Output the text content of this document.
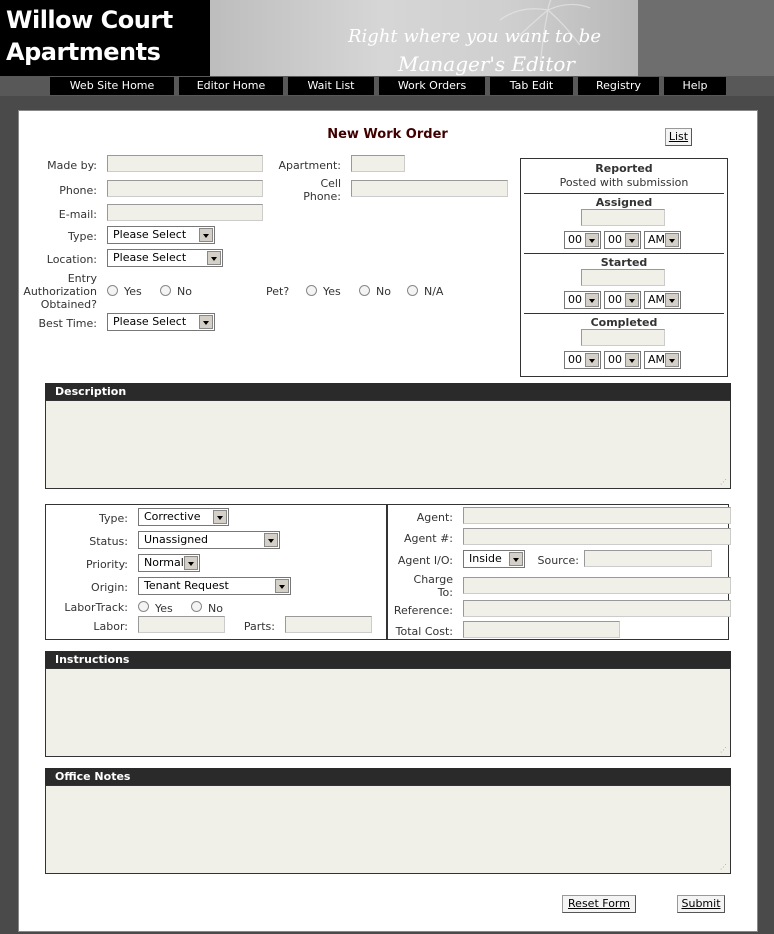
Willow Court
Apartments
Right where you want to be
Manager's Editor
Web Site Home	Editor Home	Wait List	Work Orders	Tab Edit	Registry	Help
New Work Order	List
Made by:
Phone:
E-mail:
Type:	Please Select
Location:	Please Select
Entry
Authorization
Obtained?
Yes	No
Best Time:	Please Select
Apartment:
Cell
Phone:
Pet?	Yes	No	N/A
Reported
Posted with submission
Assigned
00	00	AM
Started
00	00	AM
Completed
00	00	AM
Description
⋰
Type:	Corrective
Status:	Unassigned
Priority:	Normal
Origin:	Tenant Request
LaborTrack: Yes	No
Labor:	Parts:
Agent:
Agent #:
Agent I/O:	Inside	Source:
Charge
To:
Reference:
Total Cost:
Instructions
⋰
Office Notes
⋰
Reset Form	Submit
